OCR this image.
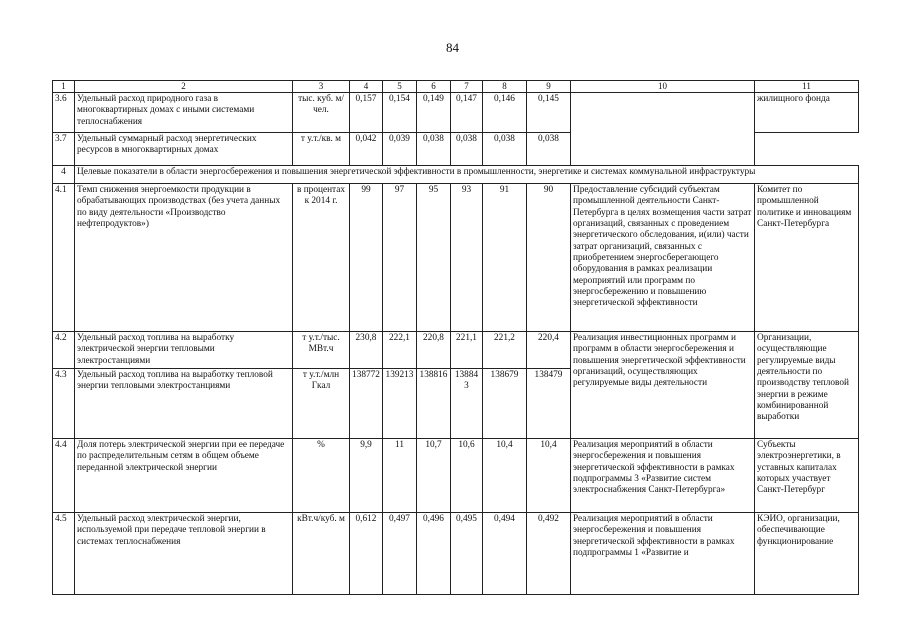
84
1	2	3	4	5	6	7	8	9	10	11
3.6	Удельный расход природного газа в многоквартирных домах с иными системами теплоснабжения	тыс. куб. м/чел.	0,157	0,154	0,149	0,147	0,146	0,145		жилищного фонда
3.7	Удельный суммарный расход энергетических ресурсов в многоквартирных домах	т у.т./кв. м	0,042	0,039	0,038	0,038	0,038	0,038		
4	Целевые показатели в области энергосбережения и повышения энергетической эффективности в промышленности, энергетике и системах коммунальной инфраструктуры									
4.1	Темп снижения энергоемкости продукции в обрабатывающих производствах (без учета данных по виду деятельности «Производство нефтепродуктов»)	в процентах к 2014 г.	99	97	95	93	91	90	Предоставление субсидий субъектам промышленной деятельности Санкт-Петербурга в целях возмещения части затрат организаций, связанных с проведением энергетического обследования, и(или) части затрат организаций, связанных с приобретением энергосберегающего оборудования в рамках реализации мероприятий или программ по энергосбережению и повышению энергетической эффективности	Комитет по промышленной политике и инновациям Санкт-Петербурга
4.2	Удельный расход топлива на выработку электрической энергии тепловыми электростанциями	т у.т./тыс. МВт.ч	230,8	222,1	220,8	221,1	221,2	220,4	Реализация инвестиционных программ и программ в области энергосбережения и повышения энергетической эффективности организаций, осуществляющих регулируемые виды деятельности	Организации, осуществляющие регулируемые виды деятельности по производству тепловой энергии в режиме комбинированной выработки
4.3	Удельный расход топлива на выработку тепловой энергии тепловыми электростанциями	т у.т./млн Гкал	138772	139213	138816	138843	138679	138479		
4.4	Доля потерь электрической энергии при ее передаче по распределительным сетям в общем объеме переданной электрической энергии	%	9,9	11	10,7	10,6	10,4	10,4	Реализация мероприятий в области энергосбережения и повышения энергетической эффективности в рамках подпрограммы 3 «Развитие систем электроснабжения Санкт-Петербурга»	Субъекты электроэнергетики, в уставных капиталах которых участвует Санкт-Петербург
4.5	Удельный расход электрической энергии, используемой при передаче тепловой энергии в системах теплоснабжения	кВт.ч/куб. м	0,612	0,497	0,496	0,495	0,494	0,492	Реализация мероприятий в области энергосбережения и повышения энергетической эффективности в рамках подпрограммы 1 «Развитие и	КЭИО, организации, обеспечивающие функционирование
